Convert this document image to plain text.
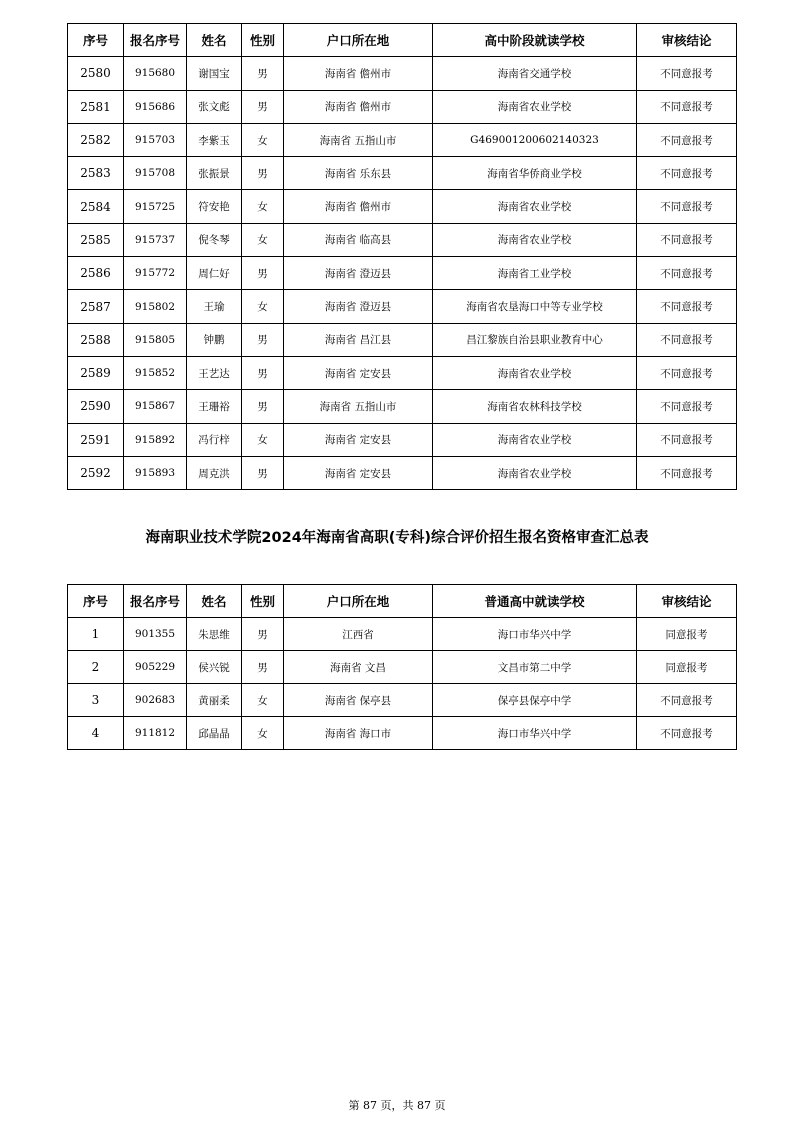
序号	报名序号	姓名	性别	户口所在地	高中阶段就读学校	审核结论
2580	915680	谢国宝	男	海南省 儋州市	海南省交通学校	不同意报考
2581	915686	张文彪	男	海南省 儋州市	海南省农业学校	不同意报考
2582	915703	李紫玉	女	海南省 五指山市	G469001200602140323	不同意报考
2583	915708	张振景	男	海南省 乐东县	海南省华侨商业学校	不同意报考
2584	915725	符安艳	女	海南省 儋州市	海南省农业学校	不同意报考
2585	915737	倪冬琴	女	海南省 临高县	海南省农业学校	不同意报考
2586	915772	周仁好	男	海南省 澄迈县	海南省工业学校	不同意报考
2587	915802	王瑜	女	海南省 澄迈县	海南省农垦海口中等专业学校	不同意报考
2588	915805	钟鹏	男	海南省 昌江县	昌江黎族自治县职业教育中心	不同意报考
2589	915852	王艺达	男	海南省 定安县	海南省农业学校	不同意报考
2590	915867	王珊裕	男	海南省 五指山市	海南省农林科技学校	不同意报考
2591	915892	冯行梓	女	海南省 定安县	海南省农业学校	不同意报考
2592	915893	周克洪	男	海南省 定安县	海南省农业学校	不同意报考
海南职业技术学院2024年海南省高职(专科)综合评价招生报名资格审查汇总表
序号	报名序号	姓名	性别	户口所在地	普通高中就读学校	审核结论
1	901355	朱思维	男	江西省	海口市华兴中学	同意报考
2	905229	侯兴锐	男	海南省 文昌	文昌市第二中学	同意报考
3	902683	黄丽柔	女	海南省 保亭县	保亭县保亭中学	不同意报考
4	911812	邱晶晶	女	海南省 海口市	海口市华兴中学	不同意报考
第 87 页，共 87 页
